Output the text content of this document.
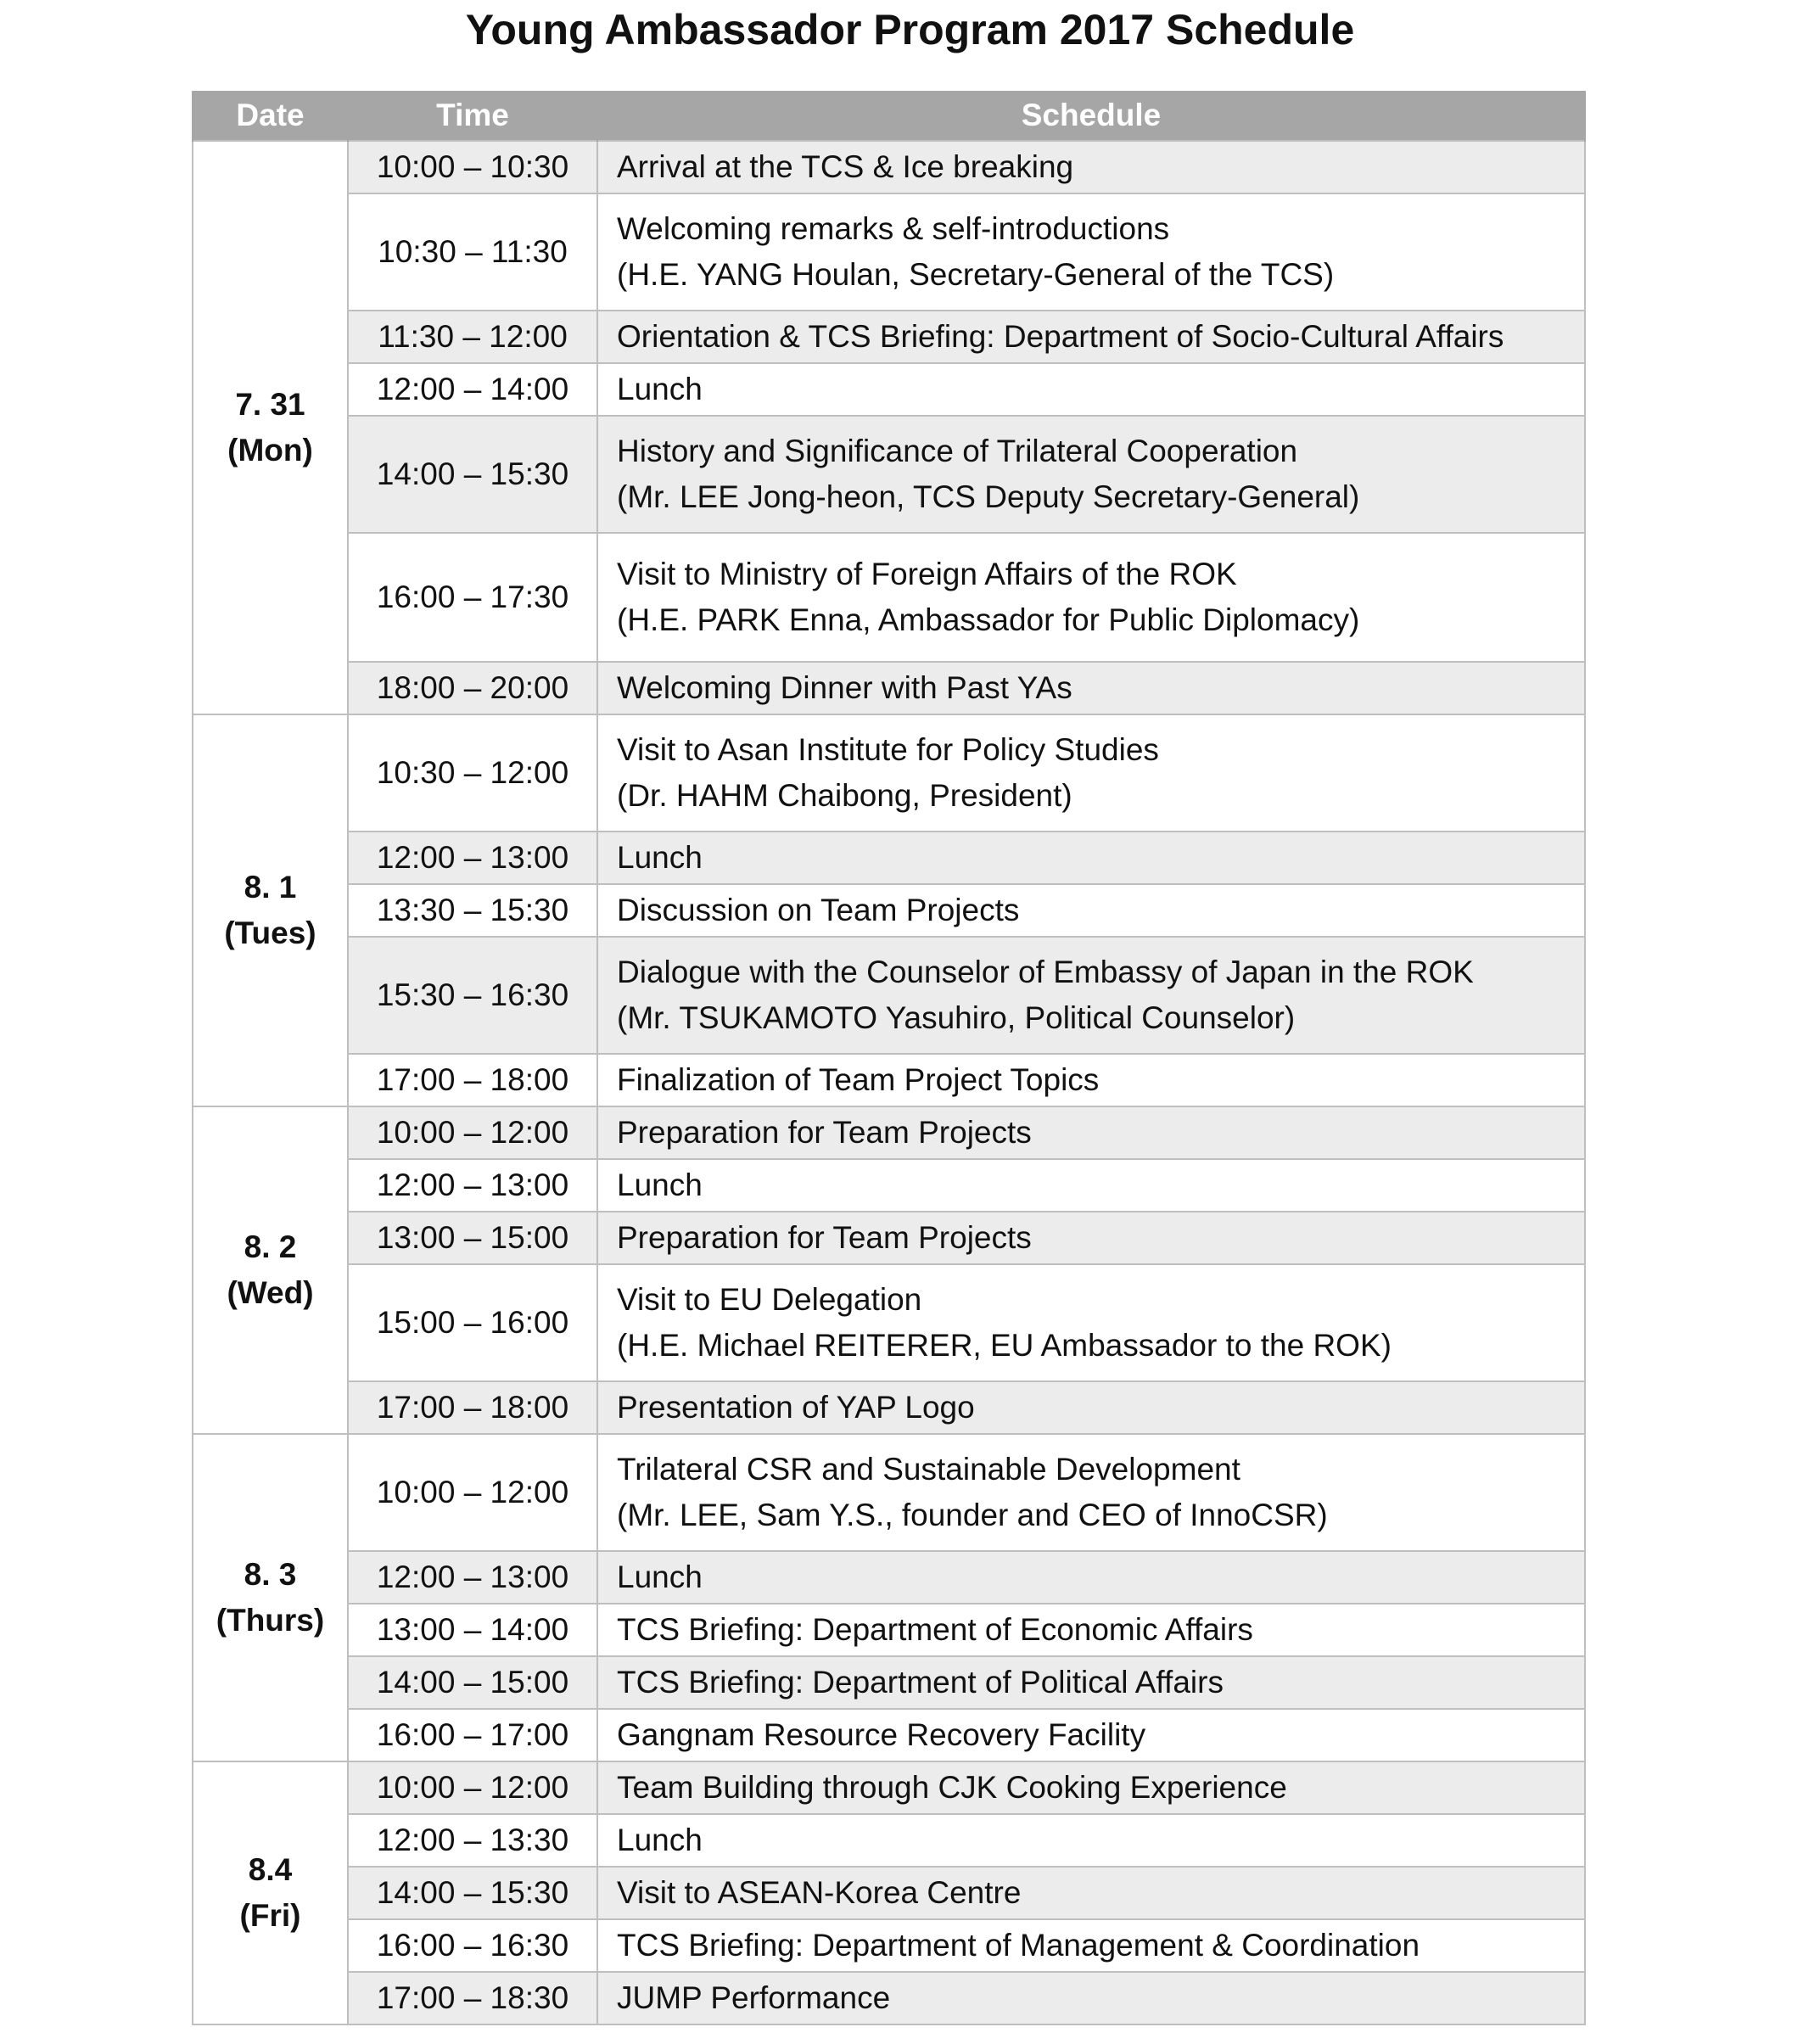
Young Ambassador Program 2017 Schedule
Date	Time	Schedule

7. 31
(Mon)	10:00 – 10:30	Arrival at the TCS & Ice breaking

	10:30 – 11:30	Welcoming remarks & self-introductions
(H.E. YANG Houlan, Secretary-General of the TCS)

	11:30 – 12:00	Orientation & TCS Briefing: Department of Socio-Cultural Affairs

	12:00 – 14:00	Lunch

	14:00 – 15:30	History and Significance of Trilateral Cooperation
(Mr. LEE Jong-heon, TCS Deputy Secretary-General)

	16:00 – 17:30	Visit to Ministry of Foreign Affairs of the ROK
(H.E. PARK Enna, Ambassador for Public Diplomacy)

	18:00 – 20:00	Welcoming Dinner with Past YAs

8. 1
(Tues)	10:30 – 12:00	Visit to Asan Institute for Policy Studies
(Dr. HAHM Chaibong, President)

	12:00 – 13:00	Lunch

	13:30 – 15:30	Discussion on Team Projects

	15:30 – 16:30	Dialogue with the Counselor of Embassy of Japan in the ROK
(Mr. TSUKAMOTO Yasuhiro, Political Counselor)

	17:00 – 18:00	Finalization of Team Project Topics

8. 2
(Wed)	10:00 – 12:00	Preparation for Team Projects

	12:00 – 13:00	Lunch

	13:00 – 15:00	Preparation for Team Projects

	15:00 – 16:00	Visit to EU Delegation
(H.E. Michael REITERER, EU Ambassador to the ROK)

	17:00 – 18:00	Presentation of YAP Logo

8. 3
(Thurs)	10:00 – 12:00	Trilateral CSR and Sustainable Development
(Mr. LEE, Sam Y.S., founder and CEO of InnoCSR)

	12:00 – 13:00	Lunch

	13:00 – 14:00	TCS Briefing: Department of Economic Affairs

	14:00 – 15:00	TCS Briefing: Department of Political Affairs

	16:00 – 17:00	Gangnam Resource Recovery Facility

8.4
(Fri)	10:00 – 12:00	Team Building through CJK Cooking Experience

	12:00 – 13:30	Lunch

	14:00 – 15:30	Visit to ASEAN-Korea Centre

	16:00 – 16:30	TCS Briefing: Department of Management & Coordination

	17:00 – 18:30	JUMP Performance
